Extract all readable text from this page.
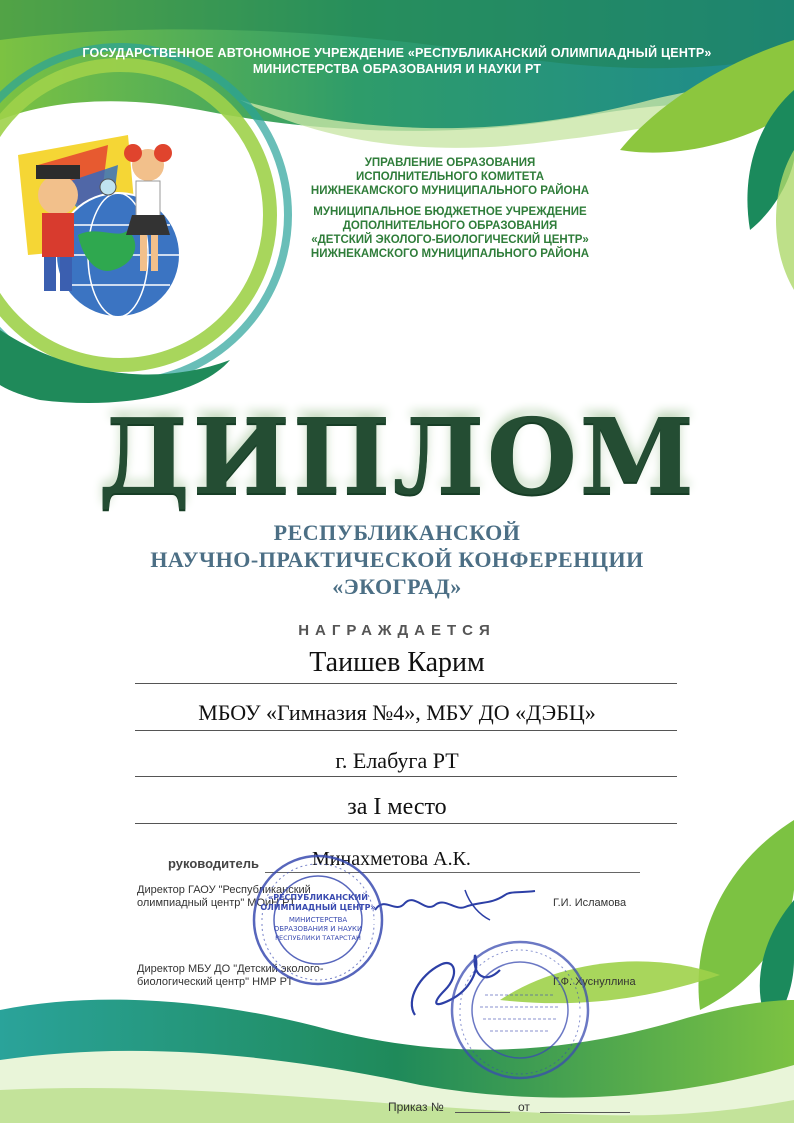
ГОСУДАРСТВЕННОЕ АВТОНОМНОЕ УЧРЕЖДЕНИЕ «РЕСПУБЛИКАНСКИЙ ОЛИМПИАДНЫЙ ЦЕНТР»
МИНИСТЕРСТВА ОБРАЗОВАНИЯ И НАУКИ РТ
УПРАВЛЕНИЕ ОБРАЗОВАНИЯ
ИСПОЛНИТЕЛЬНОГО КОМИТЕТА
НИЖНЕКАМСКОГО МУНИЦИПАЛЬНОГО РАЙОНА
МУНИЦИПАЛЬНОЕ БЮДЖЕТНОЕ УЧРЕЖДЕНИЕ
ДОПОЛНИТЕЛЬНОГО ОБРАЗОВАНИЯ
«ДЕТСКИЙ ЭКОЛОГО-БИОЛОГИЧЕСКИЙ ЦЕНТР»
НИЖНЕКАМСКОГО МУНИЦИПАЛЬНОГО РАЙОНА
ДИПЛОМ
РЕСПУБЛИКАНСКОЙ
НАУЧНО-ПРАКТИЧЕСКОЙ КОНФЕРЕНЦИИ
«ЭКОГРАД»
НАГРАЖДАЕТСЯ
Таишев Карим
МБОУ «Гимназия №4», МБУ ДО «ДЭБЦ»
г. Елабуга РТ
за I место
руководитель	Минахметова А.К.
Директор ГАОУ "Республиканский
олимпиадный центр" МОиН РТ	Г.И. Исламова
Директор МБУ ДО "Детский эколого-
биологический центр" НМР РТ	Г.Ф. Хуснуллина
«РЕСПУБЛИКАНСКИЙ
ОЛИМПИАДНЫЙ ЦЕНТР»
МИНИСТЕРСТВА
ОБРАЗОВАНИЯ И НАУКИ
РЕСПУБЛИКИ ТАТАРСТАН
Приказ №	от
